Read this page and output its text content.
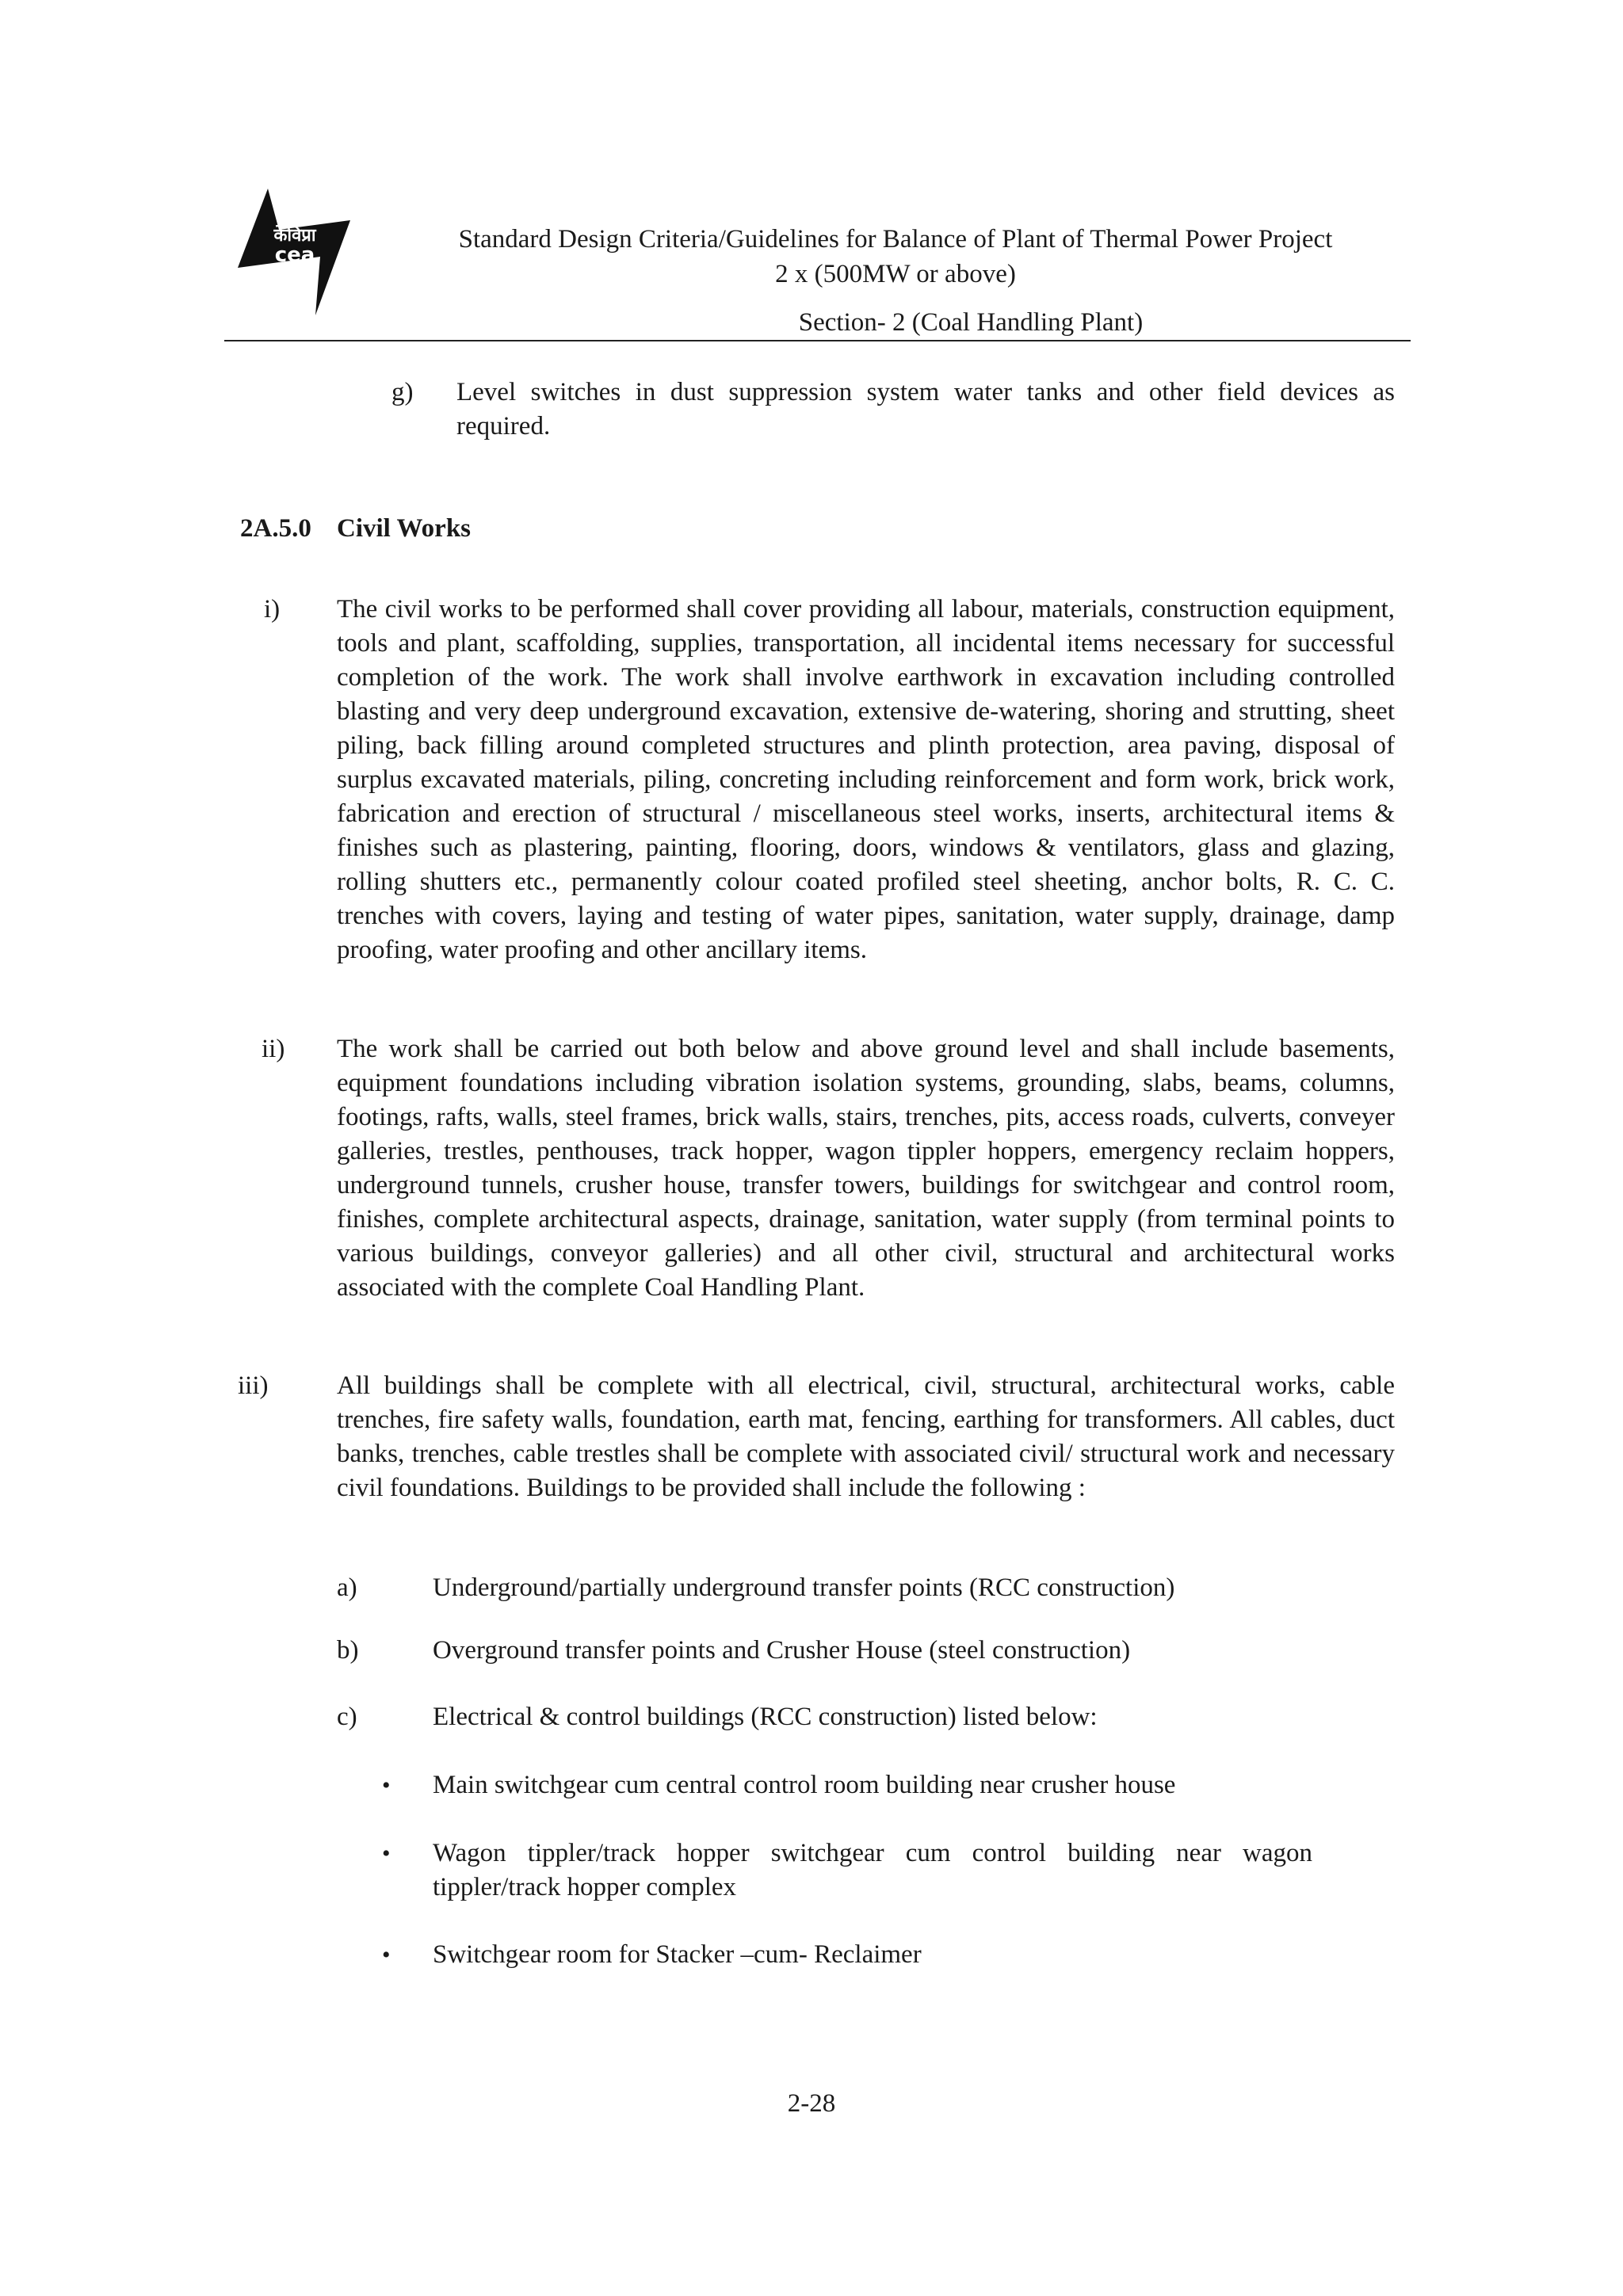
केविप्रा
cea
Standard Design Criteria/Guidelines for Balance of Plant of Thermal Power Project
2 x (500MW or above)
Section- 2 (Coal Handling Plant)
g) Level switches in dust suppression system water tanks and other field devices as required.
2A.5.0 Civil Works
i) The civil works to be performed shall cover providing all labour, materials, construction equipment, tools and plant, scaffolding, supplies, transportation, all incidental items necessary for successful completion of the work. The work shall involve earthwork in excavation including controlled blasting and very deep underground excavation, extensive de-watering, shoring and strutting, sheet piling, back filling around completed structures and plinth protection, area paving, disposal of surplus excavated materials, piling, concreting including reinforcement and form work, brick work, fabrication and erection of structural / miscellaneous steel works, inserts, architectural items & finishes such as plastering, painting, flooring, doors, windows & ventilators, glass and glazing, rolling shutters etc., permanently colour coated profiled steel sheeting, anchor bolts, R. C. C. trenches with covers, laying and testing of water pipes, sanitation, water supply, drainage, damp proofing, water proofing and other ancillary items.
ii) The work shall be carried out both below and above ground level and shall include basements, equipment foundations including vibration isolation systems, grounding, slabs, beams, columns, footings, rafts, walls, steel frames, brick walls, stairs, trenches, pits, access roads, culverts, conveyer galleries, trestles, penthouses, track hopper, wagon tippler hoppers, emergency reclaim hoppers, underground tunnels, crusher house, transfer towers, buildings for switchgear and control room, finishes, complete architectural aspects, drainage, sanitation, water supply (from terminal points to various buildings, conveyor galleries) and all other civil, structural and architectural works associated with the complete Coal Handling Plant.
iii)	All buildings shall be complete with all electrical, civil, structural, architectural works, cable trenches, fire safety walls, foundation, earth mat, fencing, earthing for transformers. All cables, duct banks, trenches, cable trestles shall be complete with associated civil/ structural work and necessary civil foundations. Buildings to be provided shall include the following :
a)	Underground/partially underground transfer points (RCC construction)
b)	Overground transfer points and Crusher House (steel construction)
c)	Electrical & control buildings (RCC construction) listed below:
• Main switchgear cum central control room building near crusher house
• Wagon tippler/track hopper switchgear cum control building near wagon tippler/track hopper complex
• Switchgear room for Stacker –cum- Reclaimer
2-28
